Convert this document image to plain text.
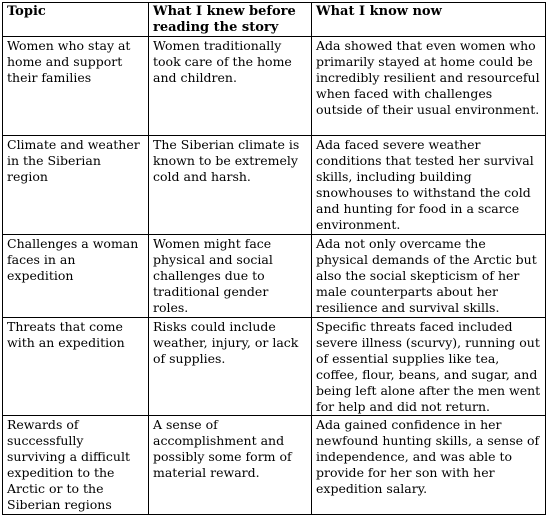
Topic	What I knew before reading the story	What I know now
Women who stay at home and support their families	Women traditionally took care of the home and children.	Ada showed that even women who primarily stayed at home could be incredibly resilient and resourceful when faced with challenges outside of their usual environment.
Climate and weather in the Siberian region	The Siberian climate is known to be extremely cold and harsh.	Ada faced severe weather conditions that tested her survival skills, including building snowhouses to withstand the cold and hunting for food in a scarce environment.
Challenges a woman faces in an expedition	Women might face physical and social challenges due to traditional gender roles.	Ada not only overcame the physical demands of the Arctic but also the social skepticism of her male counterparts about her resilience and survival skills.
Threats that come with an expedition	Risks could include weather, injury, or lack of supplies.	Specific threats faced included severe illness (scurvy), running out of essential supplies like tea, coffee, flour, beans, and sugar, and being left alone after the men went for help and did not return.
Rewards of successfully surviving a difficult expedition to the Arctic or to the Siberian regions	A sense of accomplishment and possibly some form of material reward.	Ada gained confidence in her newfound hunting skills, a sense of independence, and was able to provide for her son with her expedition salary.
